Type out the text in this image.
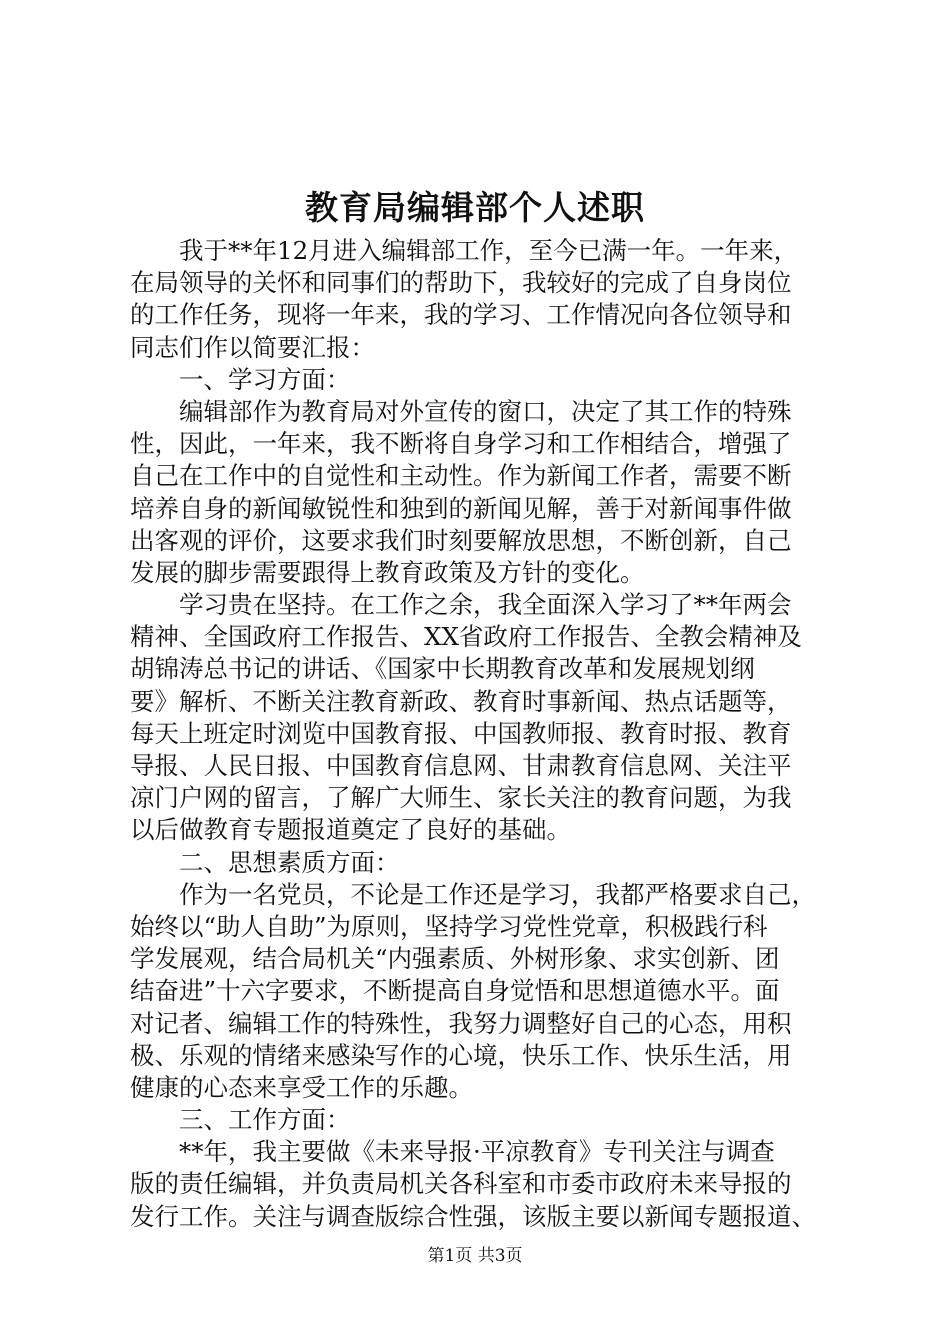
教育局编辑部个人述职
　　我于**年12月进入编辑部工作，至今已满一年。一年来，
在局领导的关怀和同事们的帮助下，我较好的完成了自身岗位
的工作任务，现将一年来，我的学习、工作情况向各位领导和
同志们作以简要汇报：
　　一、学习方面：
　　编辑部作为教育局对外宣传的窗口，决定了其工作的特殊
性，因此，一年来，我不断将自身学习和工作相结合，增强了
自己在工作中的自觉性和主动性。作为新闻工作者，需要不断
培养自身的新闻敏锐性和独到的新闻见解，善于对新闻事件做
出客观的评价，这要求我们时刻要解放思想，不断创新，自己
发展的脚步需要跟得上教育政策及方针的变化。
　　学习贵在坚持。在工作之余，我全面深入学习了**年两会
精神、全国政府工作报告、XX省政府工作报告、全教会精神及
胡锦涛总书记的讲话、《国家中长期教育改革和发展规划纲
要》解析、不断关注教育新政、教育时事新闻、热点话题等，
每天上班定时浏览中国教育报、中国教师报、教育时报、教育
导报、人民日报、中国教育信息网、甘肃教育信息网、关注平
凉门户网的留言，了解广大师生、家长关注的教育问题，为我
以后做教育专题报道奠定了良好的基础。
　　二、思想素质方面：
　　作为一名党员，不论是工作还是学习，我都严格要求自己，
始终以“助人自助”为原则，坚持学习党性党章，积极践行科
学发展观，结合局机关“内强素质、外树形象、求实创新、团
结奋进”十六字要求，不断提高自身觉悟和思想道德水平。面
对记者、编辑工作的特殊性，我努力调整好自己的心态，用积
极、乐观的情绪来感染写作的心境，快乐工作、快乐生活，用
健康的心态来享受工作的乐趣。
　　三、工作方面：
　　**年，我主要做《未来导报·平凉教育》专刊关注与调查
版的责任编辑，并负责局机关各科室和市委市政府未来导报的
发行工作。关注与调查版综合性强，该版主要以新闻专题报道、
第1页 共3页
